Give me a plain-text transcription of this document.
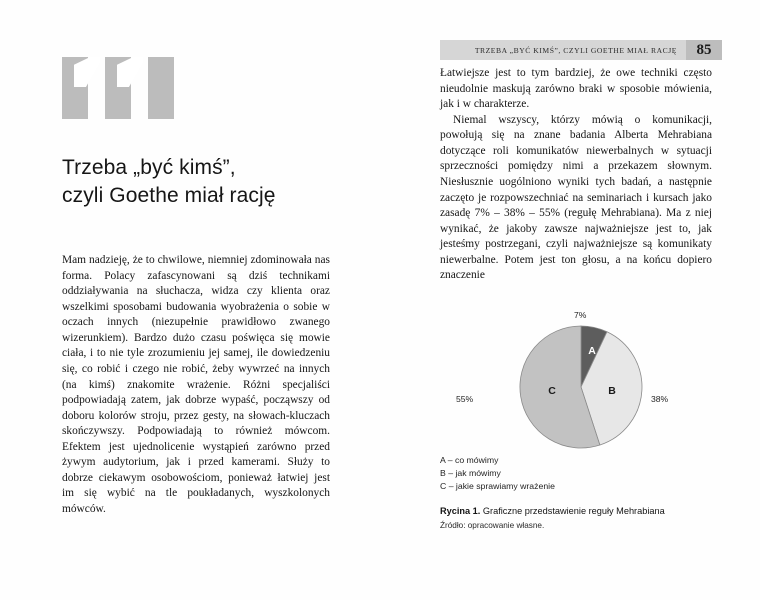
Trzeba „być kimś”,
czyli Goethe miał rację

Mam nadzieję, że to chwilowe, niemniej zdominowała nas forma. Polacy zafascynowani są dziś technikami oddziaływania na słuchacza, widza czy klienta oraz wszelkimi sposobami budowania wyobrażenia o sobie w oczach innych (niezupełnie prawidłowo zwanego wizerunkiem). Bardzo dużo czasu poświęca się mowie ciała, i to nie tyle zrozumieniu jej samej, ile dowiedzeniu się, co robić i czego nie robić, żeby wywrzeć na innych (na kimś) znakomite wrażenie. Różni specjaliści podpowiadają zatem, jak dobrze wypaść, począwszy od doboru kolorów stroju, przez gesty, na słowach-kluczach skończywszy. Podpowiadają to również mówcom. Efektem jest ujednolicenie wystąpień zarówno przed żywym audytorium, jak i przed kamerami. Służy to dobrze ciekawym osobowościom, ponieważ łatwiej jest im się wybić na tle poukładanych, wyszkolonych mówców.

TRZEBA „BYĆ KIMŚ”, CZYLI GOETHE MIAŁ RACJĘ	85

Łatwiejsze jest to tym bardziej, że owe techniki często nieudolnie maskują zarówno braki w sposobie mówienia, jak i w charakterze.

Niemal wszyscy, którzy mówią o komunikacji, powołują się na znane badania Alberta Mehrabiana dotyczące roli komunikatów niewerbalnych w sytuacji sprzeczności pomiędzy nimi a przekazem słownym. Niesłusznie uogólniono wyniki tych badań, a następnie zaczęto je rozpowszechniać na seminariach i kursach jako zasadę 7% – 38% – 55% (regułę Mehrabiana). Ma z niej wynikać, że jakoby zawsze najważniejsze jest to, jak jesteśmy postrzegani, czyli najważniejsze są komunikaty niewerbalne. Potem jest ton głosu, a na końcu dopiero znaczenie

7%
38%
55%
A
B
C
A – co mówimy
B – jak mówimy
C – jakie sprawiamy wrażenie
Rycina 1. Graficzne przedstawienie reguły Mehrabiana
Źródło: opracowanie własne.
